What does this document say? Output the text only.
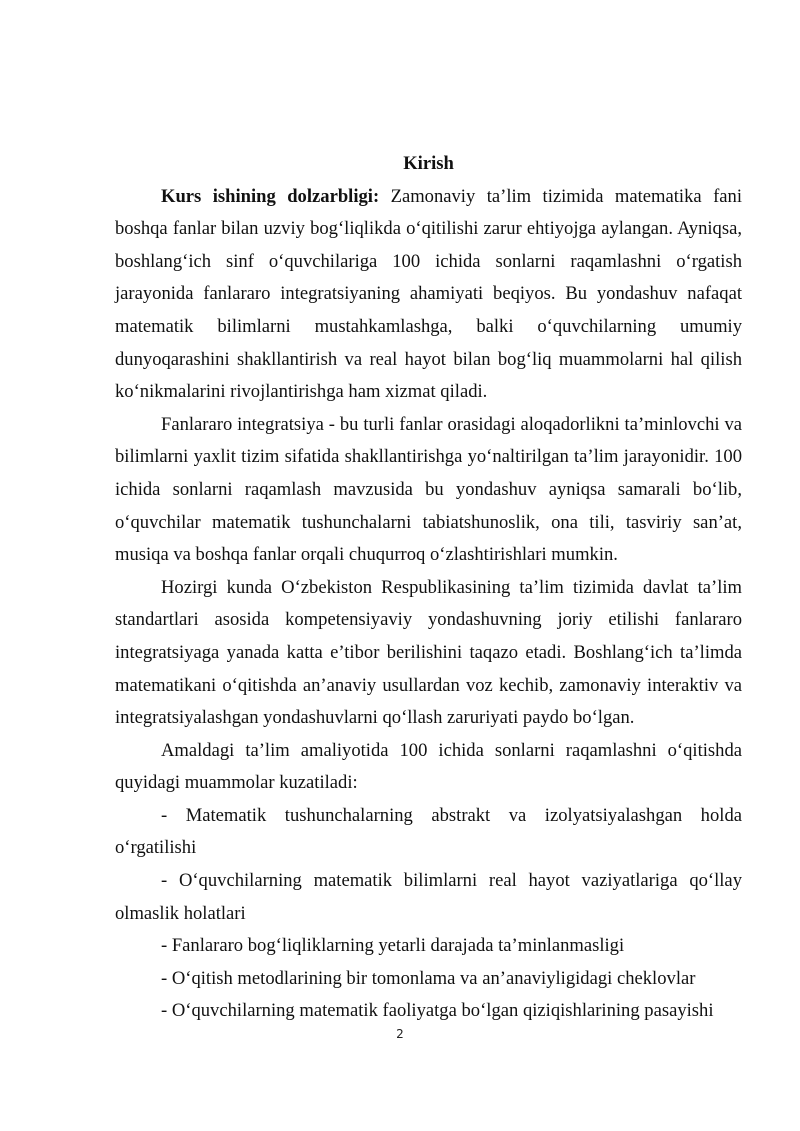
Kirish

Kurs ishining dolzarbligi: Zamonaviy ta’lim tizimida matematika fani boshqa fanlar bilan uzviy bog‘liqlikda o‘qitilishi zarur ehtiyojga aylangan. Ayniqsa, boshlang‘ich sinf o‘quvchilariga 100 ichida sonlarni raqamlashni o‘rgatish jarayonida fanlararo integratsiyaning ahamiyati beqiyos. Bu yondashuv nafaqat matematik bilimlarni mustahkamlashga, balki o‘quvchilarning umumiy dunyoqarashini shakllantirish va real hayot bilan bog‘liq muammolarni hal qilish ko‘nikmalarini rivojlantirishga ham xizmat qiladi.

Fanlararo integratsiya - bu turli fanlar orasidagi aloqadorlikni ta’minlovchi va bilimlarni yaxlit tizim sifatida shakllantirishga yo‘naltirilgan ta’lim jarayonidir. 100 ichida sonlarni raqamlash mavzusida bu yondashuv ayniqsa samarali bo‘lib, o‘quvchilar matematik tushunchalarni tabiatshunoslik, ona tili, tasviriy san’at, musiqa va boshqa fanlar orqali chuqurroq o‘zlashtirishlari mumkin.

Hozirgi kunda O‘zbekiston Respublikasining ta’lim tizimida davlat ta’lim standartlari asosida kompetensiyaviy yondashuvning joriy etilishi fanlararo integratsiyaga yanada katta e’tibor berilishini taqazo etadi. Boshlang‘ich ta’limda matematikani o‘qitishda an’anaviy usullardan voz kechib, zamonaviy interaktiv va integratsiyalashgan yondashuvlarni qo‘llash zaruriyati paydo bo‘lgan.

Amaldagi ta’lim amaliyotida 100 ichida sonlarni raqamlashni o‘qitishda quyidagi muammolar kuzatiladi:

- Matematik tushunchalarning abstrakt va izolyatsiyalashgan holda o‘rgatilishi

- O‘quvchilarning matematik bilimlarni real hayot vaziyatlariga qo‘llay olmaslik holatlari

- Fanlararo bog‘liqliklarning yetarli darajada ta’minlanmasligi

- O‘qitish metodlarining bir tomonlama va an’anaviyligidagi cheklovlar

- O‘quvchilarning matematik faoliyatga bo‘lgan qiziqishlarining pasayishi

2
